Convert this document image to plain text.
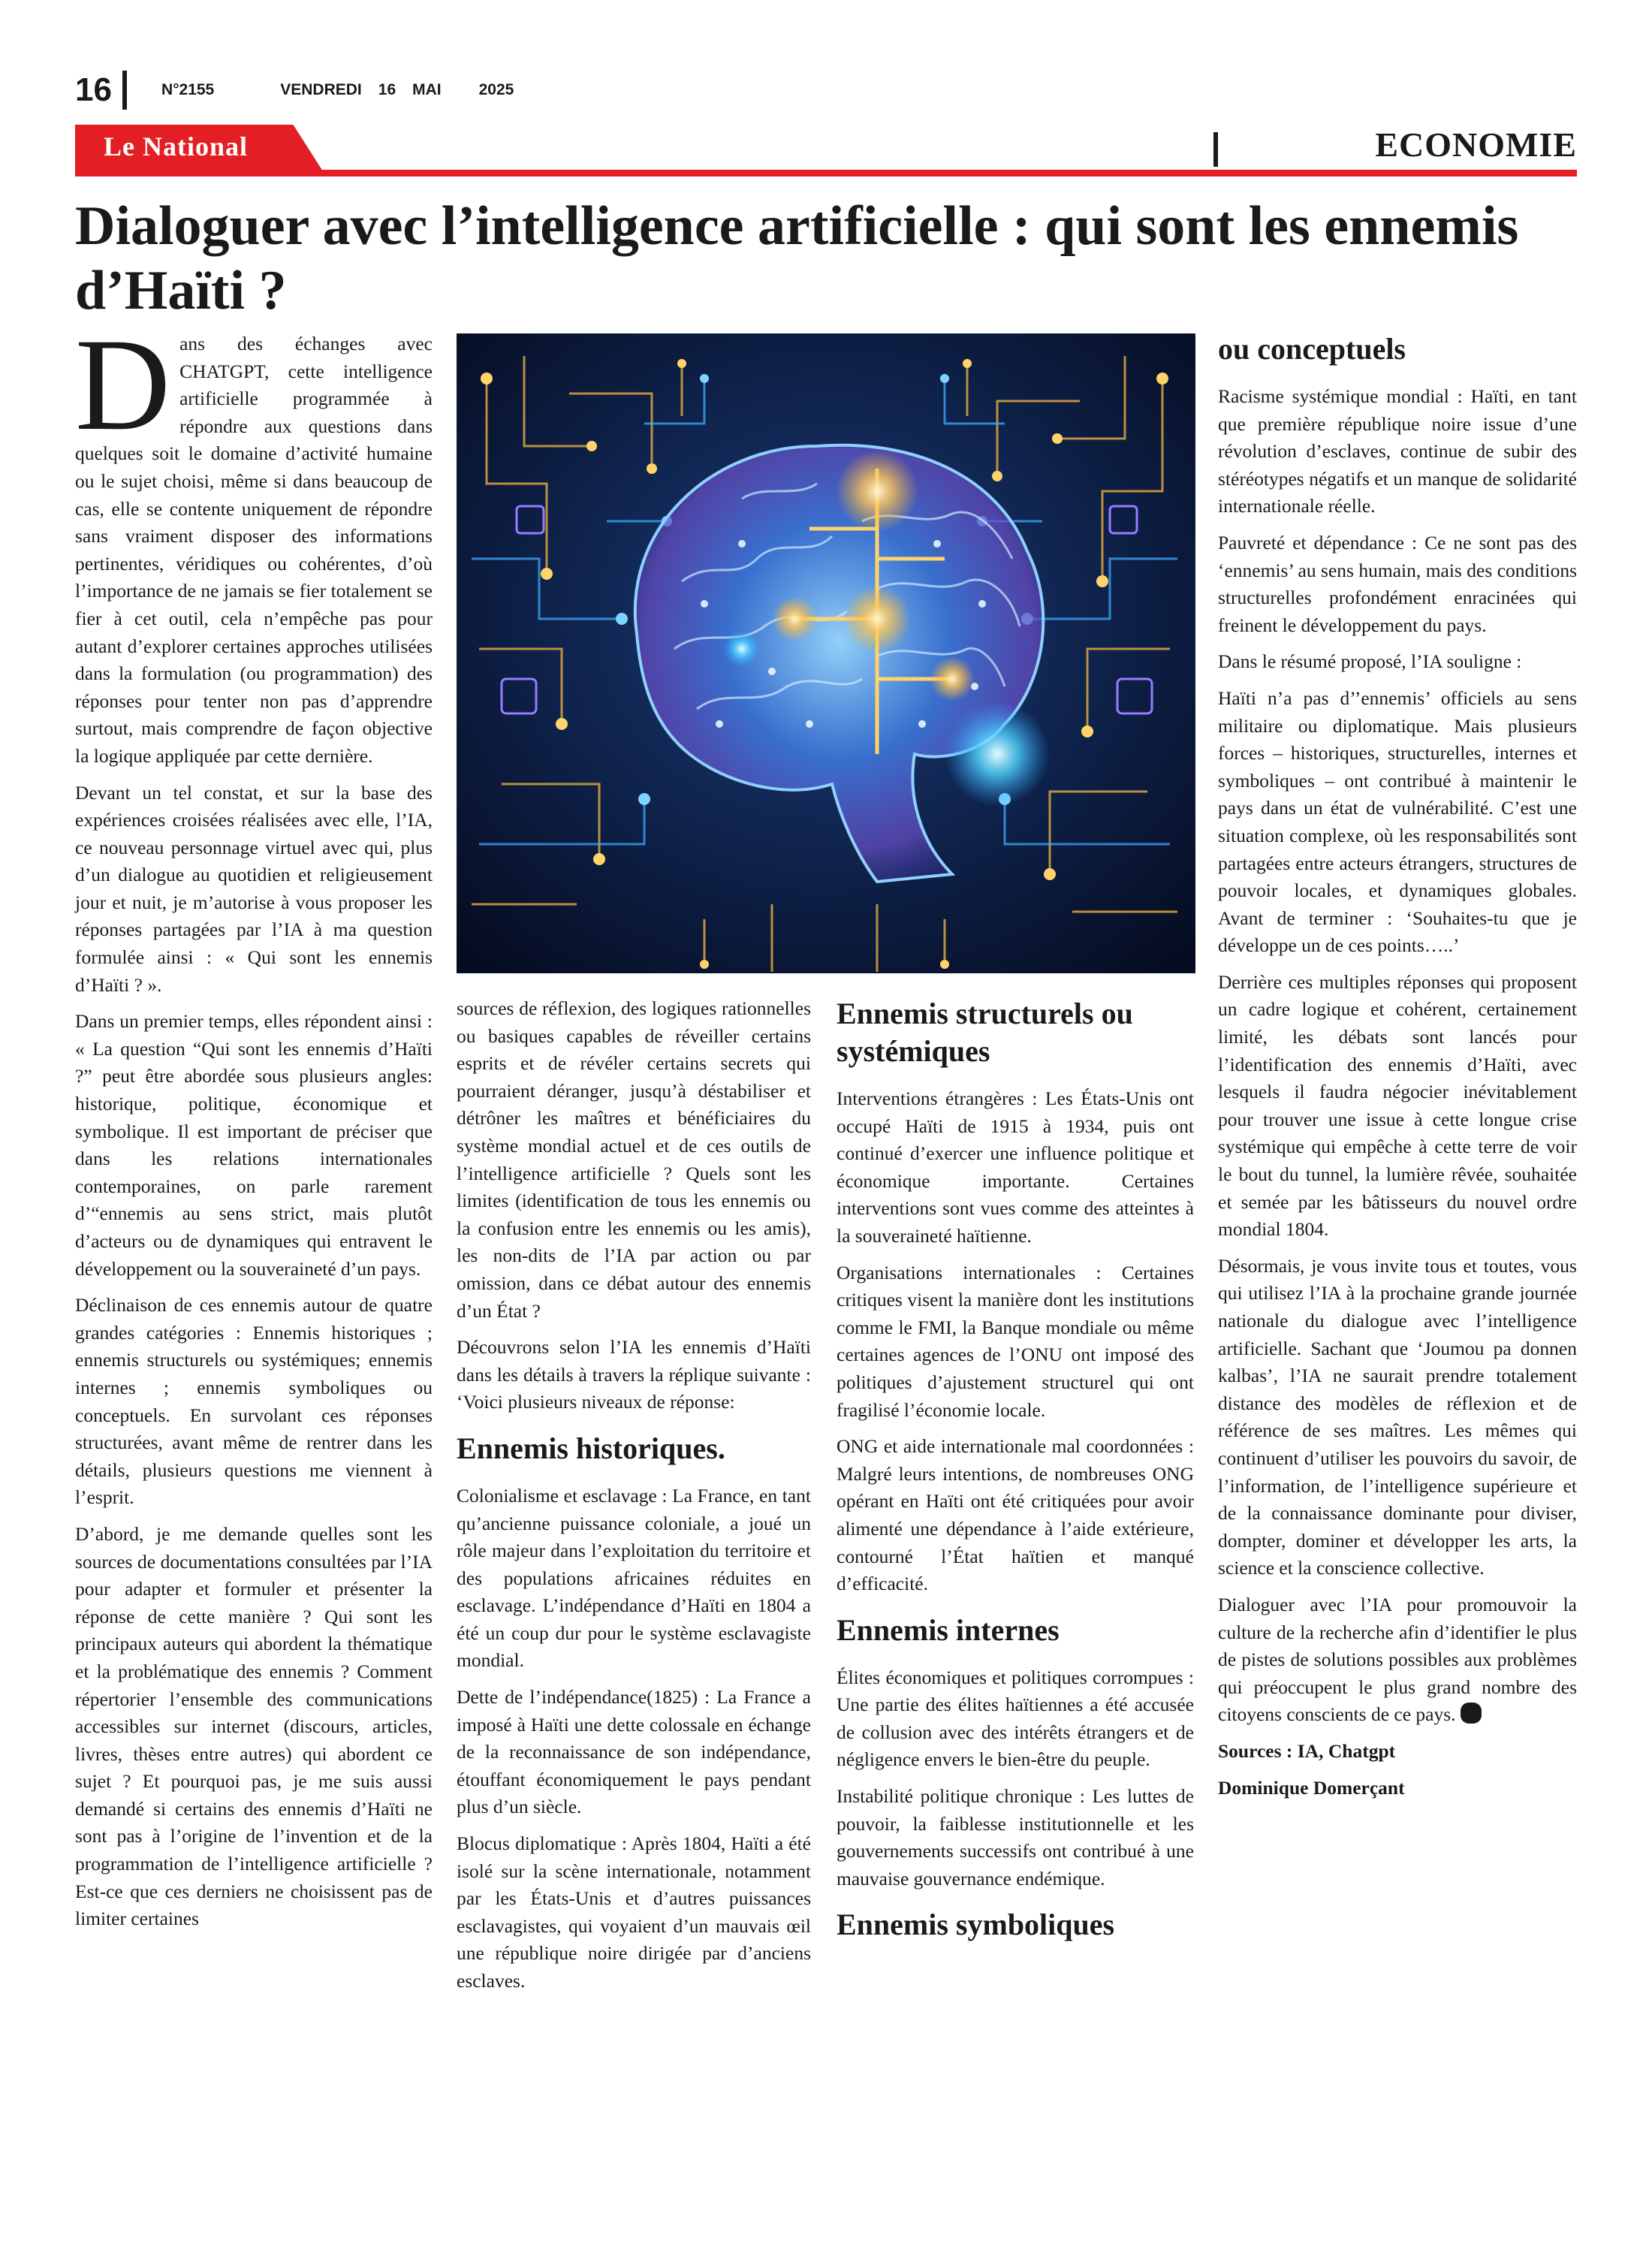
16	N°2155	VENDREDI 16 MAI 2025
Le National	ECONOMIE
Dialoguer avec l’intelligence artificielle : qui sont les ennemis d’Haïti ?

Dans des échanges avec CHATGPT, cette intelligence artificielle programmée à répondre aux questions dans quelques soit le domaine d’activité humaine ou le sujet choisi, même si dans beaucoup de cas, elle se contente uniquement de répondre sans vraiment disposer des informations pertinentes, véridiques ou cohérentes, d’où l’importance de ne jamais se fier totalement se fier à cet outil, cela n’empêche pas pour autant d’explorer certaines approches utilisées dans la formulation (ou programmation) des réponses pour tenter non pas d’apprendre surtout, mais comprendre de façon objective la logique appliquée par cette dernière.

Devant un tel constat, et sur la base des expériences croisées réalisées avec elle, l’IA, ce nouveau personnage virtuel avec qui, plus d’un dialogue au quotidien et religieusement jour et nuit, je m’autorise à vous proposer les réponses partagées par l’IA à ma question formulée ainsi : « Qui sont les ennemis d’Haïti ? ».

Dans un premier temps, elles répondent ainsi : « La question “Qui sont les ennemis d’Haïti ?” peut être abordée sous plusieurs angles: historique, politique, économique et symbolique. Il est important de préciser que dans les relations internationales contemporaines, on parle rarement d’“ennemis au sens strict, mais plutôt d’acteurs ou de dynamiques qui entravent le développement ou la souveraineté d’un pays.

Déclinaison de ces ennemis autour de quatre grandes catégories : Ennemis historiques ; ennemis structurels ou systémiques; ennemis internes ; ennemis symboliques ou conceptuels. En survolant ces réponses structurées, avant même de rentrer dans les détails, plusieurs questions me viennent à l’esprit.

D’abord, je me demande quelles sont les sources de documentations consultées par l’IA pour adapter et formuler et présenter la réponse de cette manière ? Qui sont les principaux auteurs qui abordent la thématique et la problématique des ennemis ? Comment répertorier l’ensemble des communications accessibles sur internet (discours, articles, livres, thèses entre autres) qui abordent ce sujet ? Et pourquoi pas, je me suis aussi demandé si certains des ennemis d’Haïti ne sont pas à l’origine de l’invention et de la programmation de l’intelligence artificielle ? Est-ce que ces derniers ne choisissent pas de limiter certaines

sources de réflexion, des logiques rationnelles ou basiques capables de réveiller certains esprits et de révéler certains secrets qui pourraient déranger, jusqu’à déstabiliser et détrôner les maîtres et bénéficiaires du système mondial actuel et de ces outils de l’intelligence artificielle ? Quels sont les limites (identification de tous les ennemis ou la confusion entre les ennemis ou les amis), les non-dits de l’IA par action ou par omission, dans ce débat autour des ennemis d’un État ?

Découvrons selon l’IA les ennemis d’Haïti dans les détails à travers la réplique suivante : ‘Voici plusieurs niveaux de réponse:

Ennemis historiques.

Colonialisme et esclavage : La France, en tant qu’ancienne puissance coloniale, a joué un rôle majeur dans l’exploitation du territoire et des populations africaines réduites en esclavage. L’indépendance d’Haïti en 1804 a été un coup dur pour le système esclavagiste mondial.

Dette de l’indépendance(1825) : La France a imposé à Haïti une dette colossale en échange de la reconnaissance de son indépendance, étouffant économiquement le pays pendant plus d’un siècle.

Blocus diplomatique : Après 1804, Haïti a été isolé sur la scène internationale, notamment par les États-Unis et d’autres puissances esclavagistes, qui voyaient d’un mauvais œil une république noire dirigée par d’anciens esclaves.

Ennemis structurels ou systémiques

Interventions étrangères : Les États-Unis ont occupé Haïti de 1915 à 1934, puis ont continué d’exercer une influence politique et économique importante. Certaines interventions sont vues comme des atteintes à la souveraineté haïtienne.

Organisations internationales : Certaines critiques visent la manière dont les institutions comme le FMI, la Banque mondiale ou même certaines agences de l’ONU ont imposé des politiques d’ajustement structurel qui ont fragilisé l’économie locale.

ONG et aide internationale mal coordonnées : Malgré leurs intentions, de nombreuses ONG opérant en Haïti ont été critiquées pour avoir alimenté une dépendance à l’aide extérieure, contourné l’État haïtien et manqué d’efficacité.

Ennemis internes

Élites économiques et politiques corrompues : Une partie des élites haïtiennes a été accusée de collusion avec des intérêts étrangers et de négligence envers le bien-être du peuple.

Instabilité politique chronique : Les luttes de pouvoir, la faiblesse institutionnelle et les gouvernements successifs ont contribué à une mauvaise gouvernance endémique.

Ennemis symboliques
ou conceptuels

Racisme systémique mondial : Haïti, en tant que première république noire issue d’une révolution d’esclaves, continue de subir des stéréotypes négatifs et un manque de solidarité internationale réelle.

Pauvreté et dépendance : Ce ne sont pas des ‘ennemis’ au sens humain, mais des conditions structurelles profondément enracinées qui freinent le développement du pays.

Dans le résumé proposé, l’IA souligne :

Haïti n’a pas d’’ennemis’ officiels au sens militaire ou diplomatique. Mais plusieurs forces – historiques, structurelles, internes et symboliques – ont contribué à maintenir le pays dans un état de vulnérabilité. C’est une situation complexe, où les responsabilités sont partagées entre acteurs étrangers, structures de pouvoir locales, et dynamiques globales. Avant de terminer : ‘Souhaites-tu que je développe un de ces points…..’

Derrière ces multiples réponses qui proposent un cadre logique et cohérent, certainement limité, les débats sont lancés pour l’identification des ennemis d’Haïti, avec lesquels il faudra négocier inévitablement pour trouver une issue à cette longue crise systémique qui empêche à cette terre de voir le bout du tunnel, la lumière rêvée, souhaitée et semée par les bâtisseurs du nouvel ordre mondial 1804.

Désormais, je vous invite tous et toutes, vous qui utilisez l’IA à la prochaine grande journée nationale du dialogue avec l’intelligence artificielle. Sachant que ‘Joumou pa donnen kalbas’, l’IA ne saurait prendre totalement distance des modèles de réflexion et de référence de ses maîtres. Les mêmes qui continuent d’utiliser les pouvoirs du savoir, de l’information, de l’intelligence supérieure et de la connaissance dominante pour diviser, dompter, dominer et développer les arts, la science et la conscience collective.

Dialoguer avec l’IA pour promouvoir la culture de la recherche afin d’identifier le plus de pistes de solutions possibles aux problèmes qui préoccupent le plus grand nombre des citoyens conscients de ce pays.

Sources : IA, Chatgpt

Dominique Domerçant
